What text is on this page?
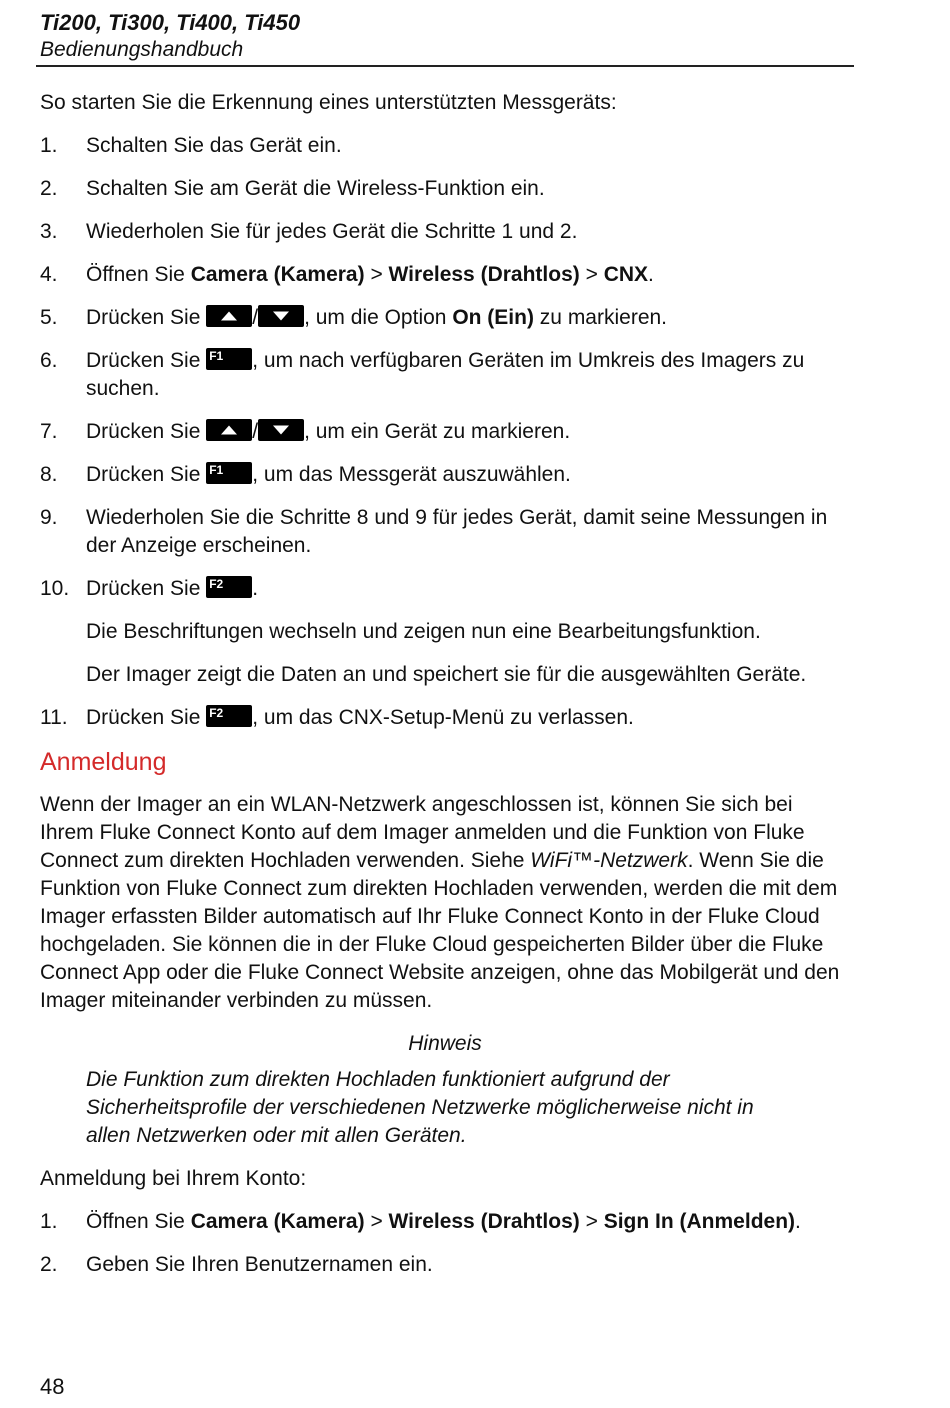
Ti200, Ti300, Ti400, Ti450
Bedienungshandbuch

So starten Sie die Erkennung eines unterstützten Messgeräts:

1. Schalten Sie das Gerät ein.
2. Schalten Sie am Gerät die Wireless-Funktion ein.
3. Wiederholen Sie für jedes Gerät die Schritte 1 und 2.
4. Öffnen Sie Camera (Kamera) > Wireless (Drahtlos) > CNX.
5. Drücken Sie
/ , um die Option On (Ein) zu markieren.
6. Drücken Sie F1 , um nach verfügbaren Geräten im Umkreis des Imagers zu suchen.
7. Drücken Sie
/ , um ein Gerät zu markieren.
8. Drücken Sie F1 , um das Messgerät auszuwählen.
9. Wiederholen Sie die Schritte 8 und 9 für jedes Gerät, damit seine Messungen in der Anzeige erscheinen.
10. Drücken Sie F2 .

Die Beschriftungen wechseln und zeigen nun eine Bearbeitungsfunktion.

Der Imager zeigt die Daten an und speichert sie für die ausgewählten Geräte.

11. Drücken Sie F2 , um das CNX-Setup-Menü zu verlassen.
Anmeldung

Wenn der Imager an ein WLAN-Netzwerk angeschlossen ist, können Sie sich bei Ihrem Fluke Connect Konto auf dem Imager anmelden und die Funktion von Fluke Connect zum direkten Hochladen verwenden. Siehe WiFi™-Netzwerk. Wenn Sie die Funktion von Fluke Connect zum direkten Hochladen verwenden, werden die mit dem Imager erfassten Bilder automatisch auf Ihr Fluke Connect Konto in der Fluke Cloud hochgeladen. Sie können die in der Fluke Cloud gespeicherten Bilder über die Fluke Connect App oder die Fluke Connect Website anzeigen, ohne das Mobilgerät und den Imager miteinander verbinden zu müssen.

Hinweis

Die Funktion zum direkten Hochladen funktioniert aufgrund der Sicherheitsprofile der verschiedenen Netzwerke möglicherweise nicht in allen Netzwerken oder mit allen Geräten.

Anmeldung bei Ihrem Konto:

1. Öffnen Sie Camera (Kamera) > Wireless (Drahtlos) > Sign In (Anmelden).
2. Geben Sie Ihren Benutzernamen ein.
48
